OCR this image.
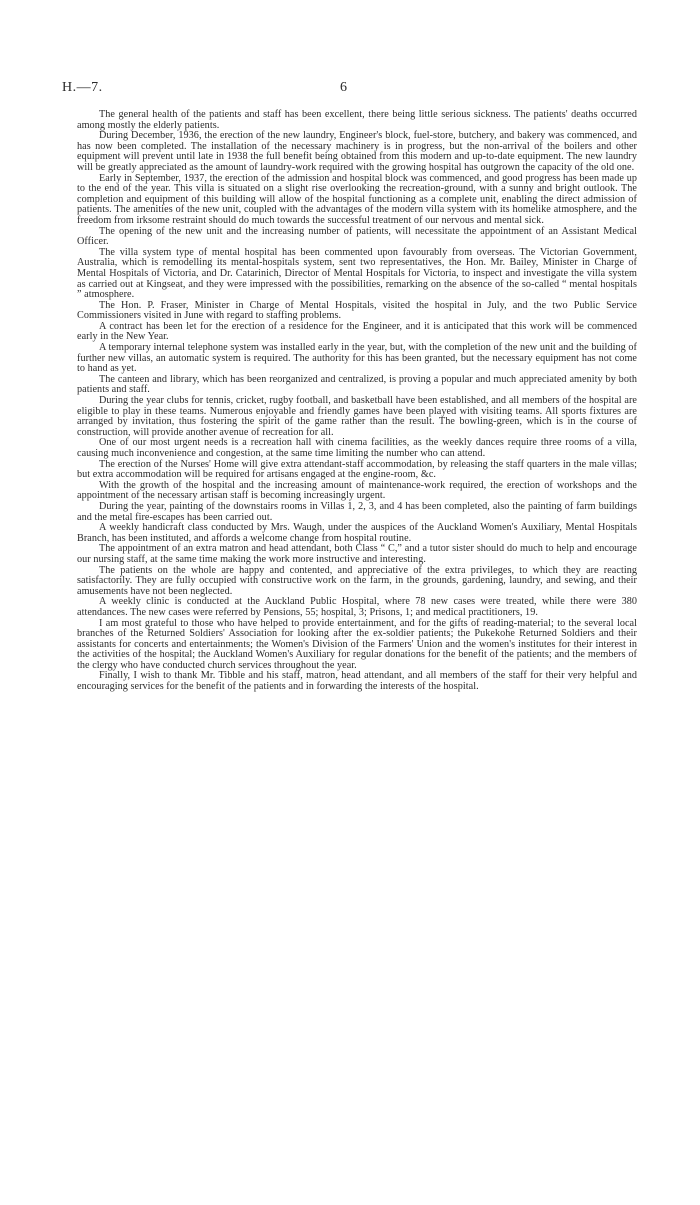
H.—7.	6

The general health of the patients and staff has been excellent, there being little serious sickness. The patients' deaths occurred among mostly the elderly patients.

During December, 1936, the erection of the new laundry, Engineer's block, fuel-store, butchery, and bakery was commenced, and has now been completed. The installation of the necessary machinery is in progress, but the non-arrival of the boilers and other equipment will prevent until late in 1938 the full benefit being obtained from this modern and up-to-date equipment. The new laundry will be greatly appreciated as the amount of laundry-work required with the growing hospital has outgrown the capacity of the old one.

Early in September, 1937, the erection of the admission and hospital block was commenced, and good progress has been made up to the end of the year. This villa is situated on a slight rise overlooking the recreation-ground, with a sunny and bright outlook. The completion and equipment of this building will allow of the hospital functioning as a complete unit, enabling the direct admission of patients. The amenities of the new unit, coupled with the advantages of the modern villa system with its homelike atmosphere, and the freedom from irksome restraint should do much towards the successful treatment of our nervous and mental sick.

The opening of the new unit and the increasing number of patients, will necessitate the appointment of an Assistant Medical Officer.

The villa system type of mental hospital has been commented upon favourably from overseas. The Victorian Government, Australia, which is remodelling its mental-hospitals system, sent two representatives, the Hon. Mr. Bailey, Minister in Charge of Mental Hospitals of Victoria, and Dr. Catarinich, Director of Mental Hospitals for Victoria, to inspect and investigate the villa system as carried out at Kingseat, and they were impressed with the possibilities, remarking on the absence of the so-called “ mental hospitals ” atmosphere.

The Hon. P. Fraser, Minister in Charge of Mental Hospitals, visited the hospital in July, and the two Public Service Commissioners visited in June with regard to staffing problems.

A contract has been let for the erection of a residence for the Engineer, and it is anticipated that this work will be commenced early in the New Year.

A temporary internal telephone system was installed early in the year, but, with the completion of the new unit and the building of further new villas, an automatic system is required. The authority for this has been granted, but the necessary equipment has not come to hand as yet.

The canteen and library, which has been reorganized and centralized, is proving a popular and much appreciated amenity by both patients and staff.

During the year clubs for tennis, cricket, rugby football, and basketball have been established, and all members of the hospital are eligible to play in these teams. Numerous enjoyable and friendly games have been played with visiting teams. All sports fixtures are arranged by invitation, thus fostering the spirit of the game rather than the result. The bowling-green, which is in the course of construction, will provide another avenue of recreation for all.

One of our most urgent needs is a recreation hall with cinema facilities, as the weekly dances require three rooms of a villa, causing much inconvenience and congestion, at the same time limiting the number who can attend.

The erection of the Nurses' Home will give extra attendant-staff accommodation, by releasing the staff quarters in the male villas; but extra accommodation will be required for artisans engaged at the engine-room, &c.

With the growth of the hospital and the increasing amount of maintenance-work required, the erection of workshops and the appointment of the necessary artisan staff is becoming increasingly urgent.

During the year, painting of the downstairs rooms in Villas 1, 2, 3, and 4 has been completed, also the painting of farm buildings and the metal fire-escapes has been carried out.

A weekly handicraft class conducted by Mrs. Waugh, under the auspices of the Auckland Women's Auxiliary, Mental Hospitals Branch, has been instituted, and affords a welcome change from hospital routine.

The appointment of an extra matron and head attendant, both Class “ C,” and a tutor sister should do much to help and encourage our nursing staff, at the same time making the work more instructive and interesting.

The patients on the whole are happy and contented, and appreciative of the extra privileges, to which they are reacting satisfactorily. They are fully occupied with constructive work on the farm, in the grounds, gardening, laundry, and sewing, and their amusements have not been neglected.

A weekly clinic is conducted at the Auckland Public Hospital, where 78 new cases were treated, while there were 380 attendances. The new cases were referred by Pensions, 55; hospital, 3; Prisons, 1; and medical practitioners, 19.

I am most grateful to those who have helped to provide entertainment, and for the gifts of reading-material; to the several local branches of the Returned Soldiers' Association for looking after the ex-soldier patients; the Pukekohe Returned Soldiers and their assistants for concerts and entertainments; the Women's Division of the Farmers' Union and the women's institutes for their interest in the activities of the hospital; the Auckland Women's Auxiliary for regular donations for the benefit of the patients; and the members of the clergy who have conducted church services throughout the year.

Finally, I wish to thank Mr. Tibble and his staff, matron, head attendant, and all members of the staff for their very helpful and encouraging services for the benefit of the patients and in forwarding the interests of the hospital.
